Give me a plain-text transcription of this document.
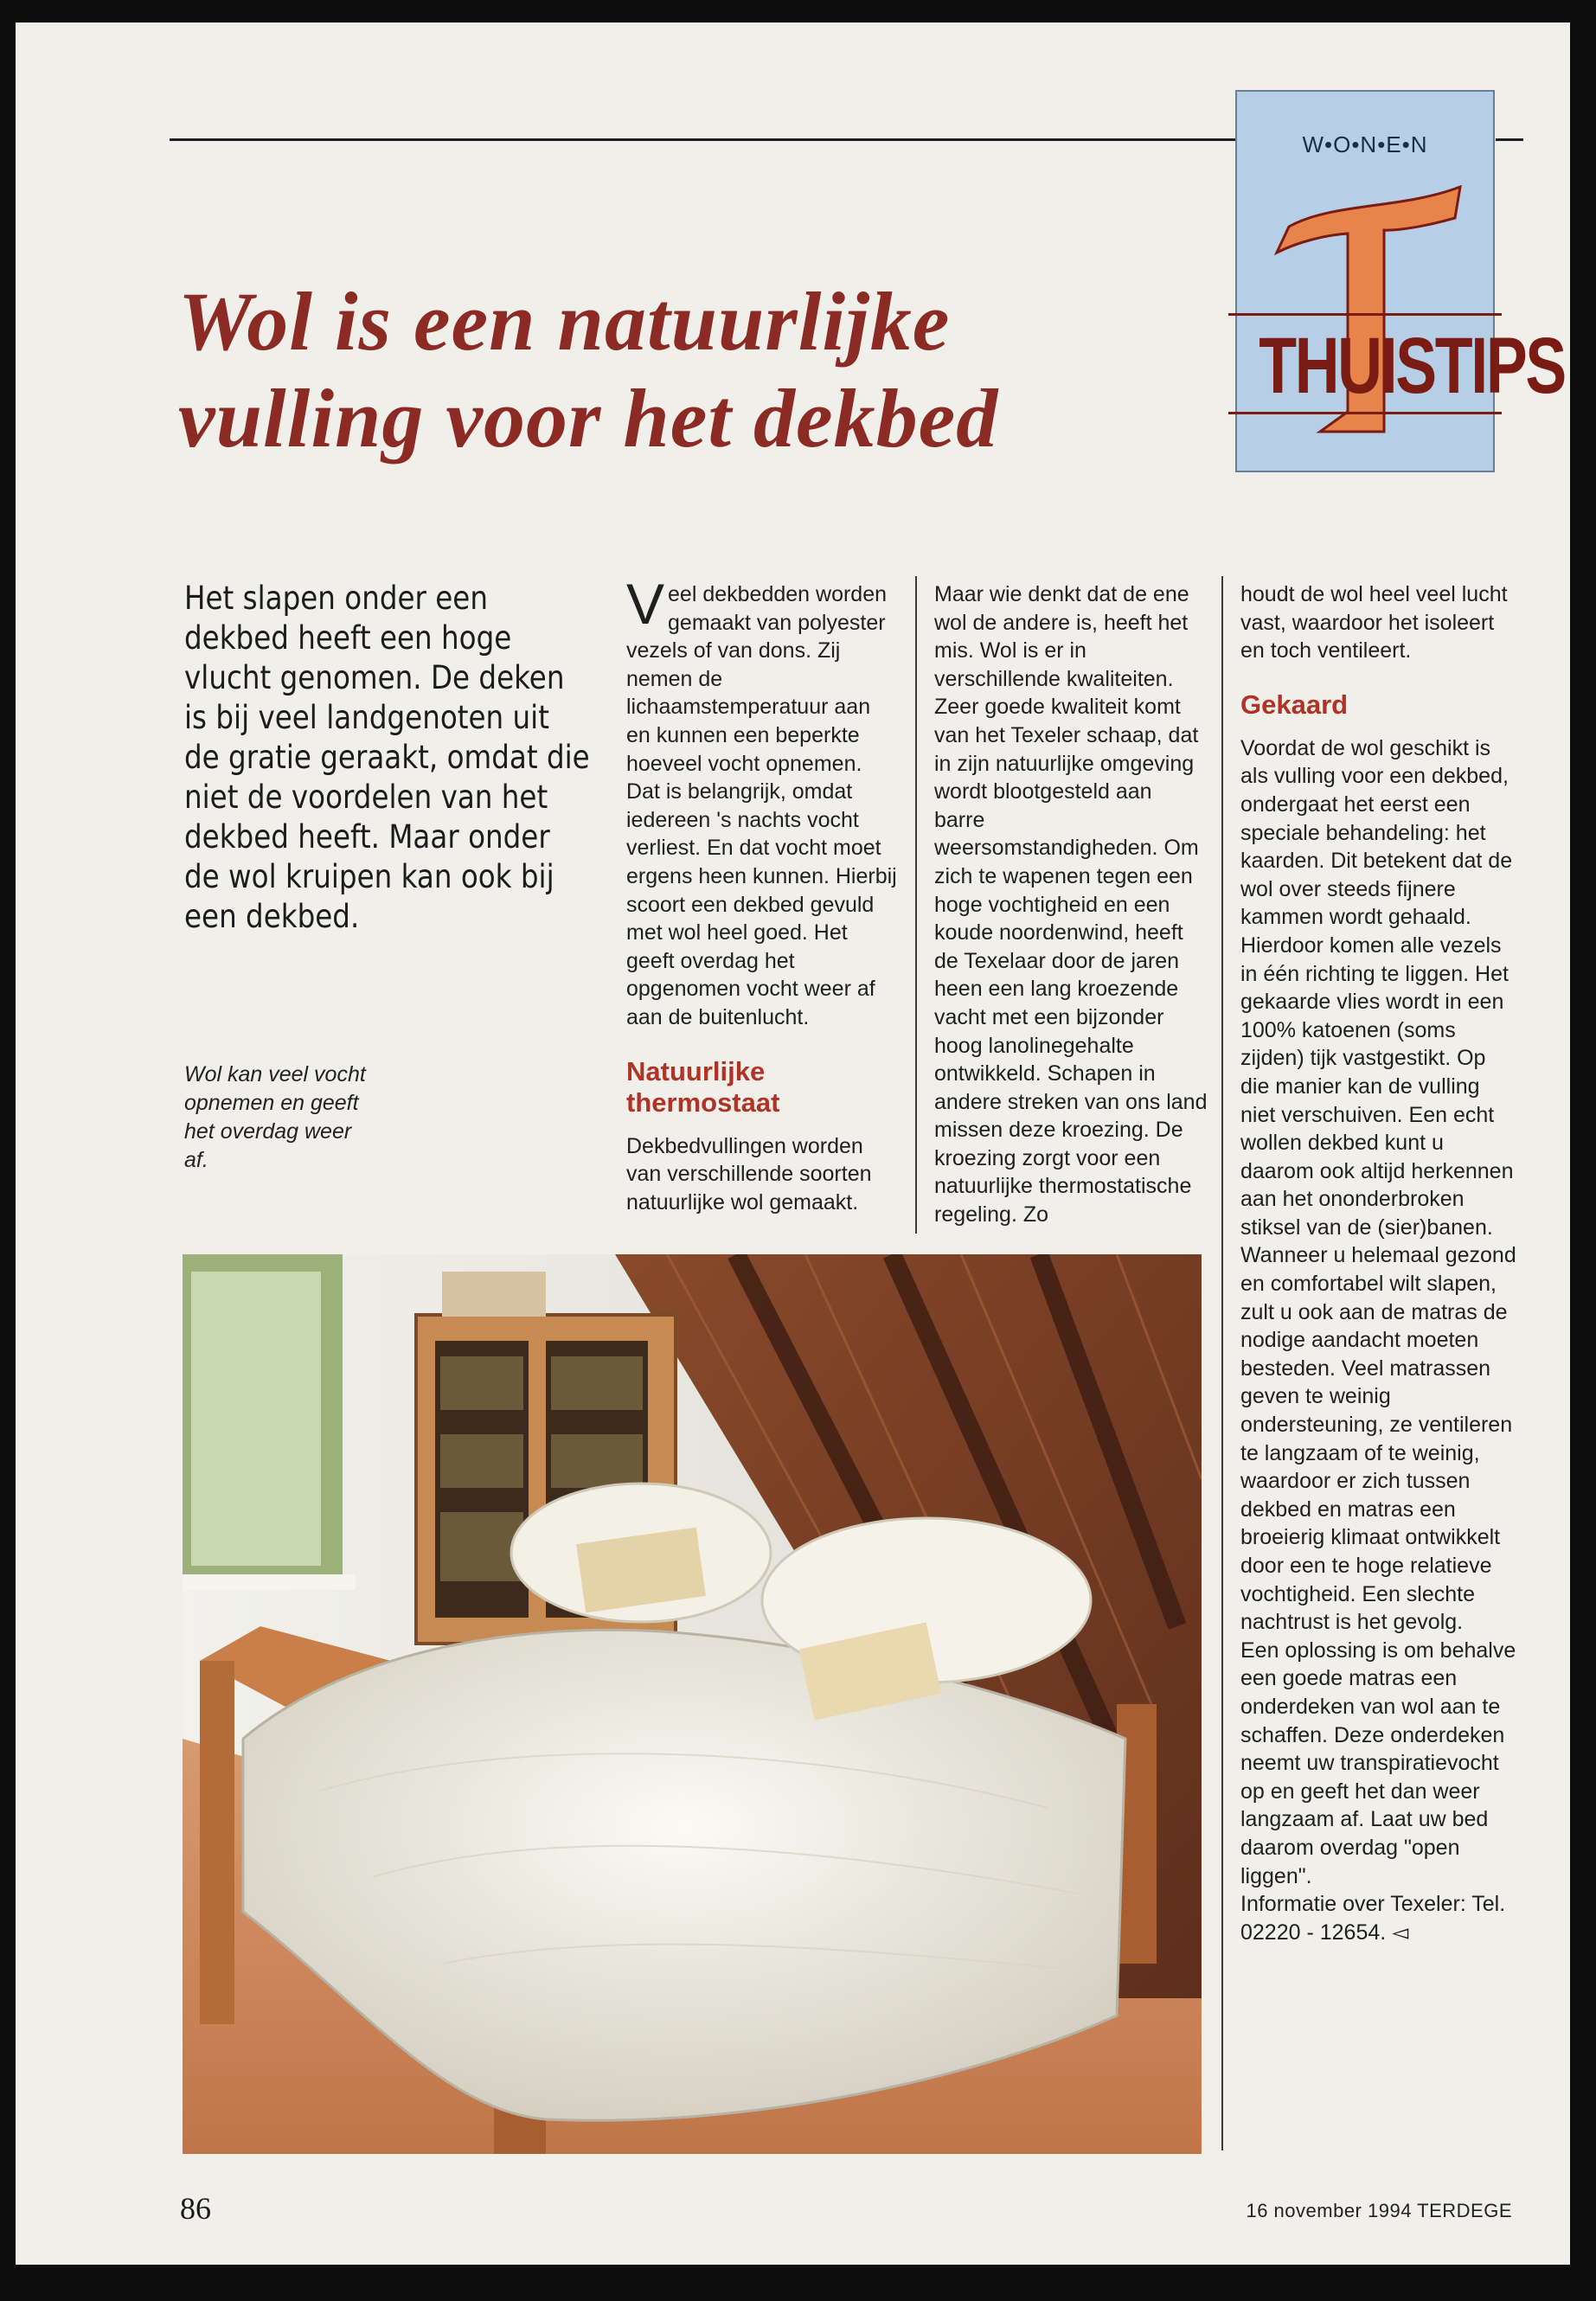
W•O•N•E•N
THUISTIPS
Wol is een natuurlijke
vulling voor het dekbed
Het slapen onder een dekbed heeft een hoge vlucht genomen. De deken is bij veel landgenoten uit de gratie geraakt, omdat die niet de voordelen van het dekbed heeft. Maar onder de wol kruipen kan ook bij een dekbed.
Wol kan veel vocht opnemen en geeft het overdag weer af.

Veel dekbedden worden gemaakt van polyester vezels of van dons. Zij nemen de lichaamstemperatuur aan en kunnen een beperkte hoeveel vocht opnemen. Dat is belangrijk, omdat iedereen 's nachts vocht verliest. En dat vocht moet ergens heen kunnen. Hierbij scoort een dekbed gevuld met wol heel goed. Het geeft overdag het opgenomen vocht weer af aan de buitenlucht.

Natuurlijke thermostaat

Dekbedvullingen worden van verschillende soorten natuurlijke wol gemaakt.

Maar wie denkt dat de ene wol de andere is, heeft het mis. Wol is er in verschillende kwaliteiten. Zeer goede kwaliteit komt van het Texeler schaap, dat in zijn natuurlijke omgeving wordt blootgesteld aan barre weersomstandigheden. Om zich te wapenen tegen een hoge vochtigheid en een koude noordenwind, heeft de Texelaar door de jaren heen een lang kroezende vacht met een bijzonder hoog lanolinegehalte ontwikkeld. Schapen in andere streken van ons land missen deze kroezing. De kroezing zorgt voor een natuurlijke thermostatische regeling. Zo

houdt de wol heel veel lucht vast, waardoor het isoleert en toch ventileert.

Gekaard

Voordat de wol geschikt is als vulling voor een dekbed, ondergaat het eerst een speciale behandeling: het kaarden. Dit betekent dat de wol over steeds fijnere kammen wordt gehaald. Hierdoor komen alle vezels in één richting te liggen. Het gekaarde vlies wordt in een 100% katoenen (soms zijden) tijk vastgestikt. Op die manier kan de vulling niet verschuiven. Een echt wollen dekbed kunt u daarom ook altijd herkennen aan het ononderbroken stiksel van de (sier)banen.

Wanneer u helemaal gezond en comfortabel wilt slapen, zult u ook aan de matras de nodige aandacht moeten besteden. Veel matrassen geven te weinig ondersteuning, ze ventileren te langzaam of te weinig, waardoor er zich tussen dekbed en matras een broeierig klimaat ontwikkelt door een te hoge relatieve vochtigheid. Een slechte nachtrust is het gevolg.

Een oplossing is om behalve een goede matras een onderdeken van wol aan te schaffen. Deze onderdeken neemt uw transpiratievocht op en geeft het dan weer langzaam af. Laat uw bed daarom overdag "open liggen".

Informatie over Texeler: Tel. 02220 - 12654. ◅

86	16 november 1994 TERDEGE
